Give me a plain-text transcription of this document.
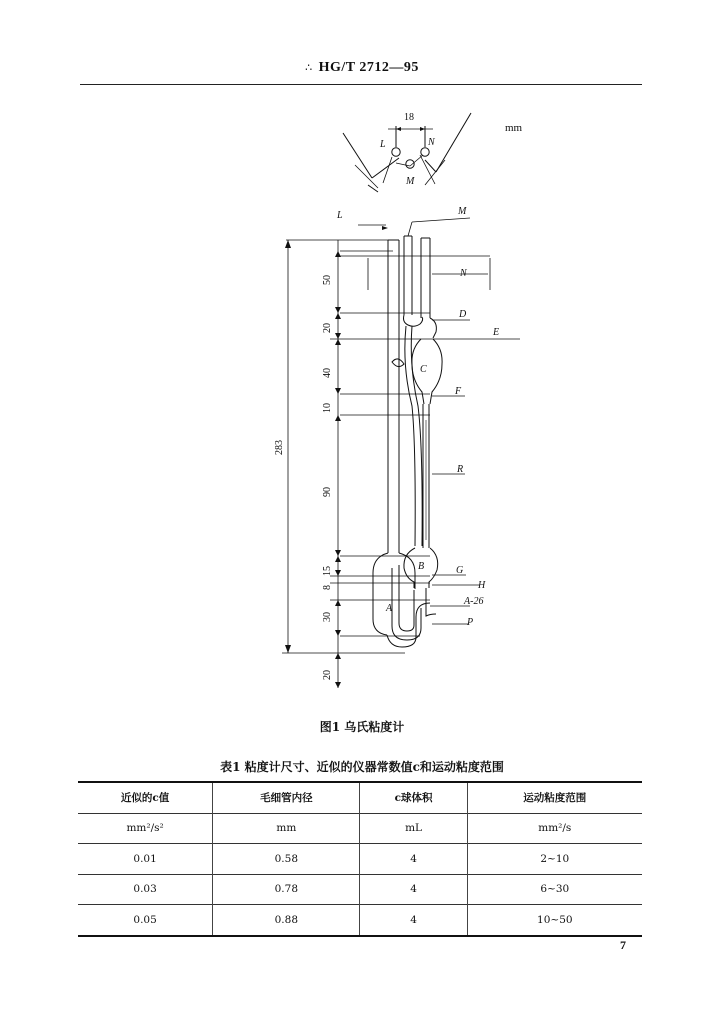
∴ HG/T 2712—95
mm
18
L	N
M
L	M
N
D
E
C
F
R
G
H
B
A
A-26
P
283
50
20
40
10
90
15
8
30
20
图1 乌氏粘度计
表1 粘度计尺寸、近似的仪器常数值c和运动粘度范围
近似的c值	毛细管内径	c球体积	运动粘度范围
mm²/s²	mm	mL	mm²/s
0.01	0.58	4	2~10
0.03	0.78	4	6~30
0.05	0.88	4	10~50
7
